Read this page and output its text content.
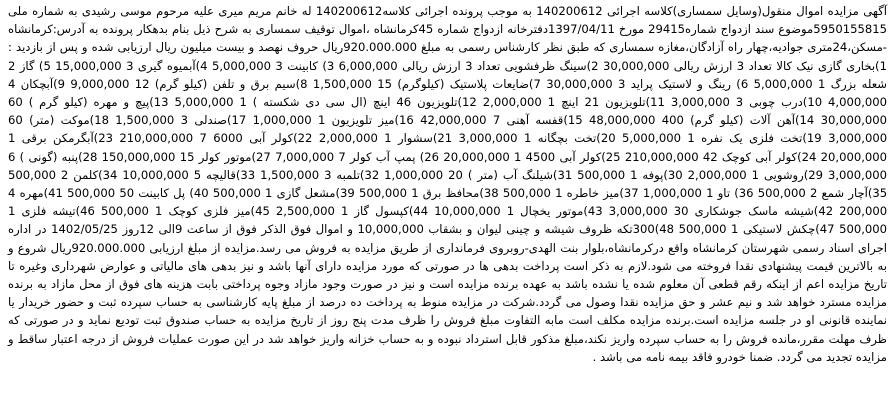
آگهی مزایده اموال منقول(وسایل سمساری)کلاسه اجرائی 140200612 به موجب پرونده اجرائی کلاسه140200612 له خانم مریم میری علیه مرحوم موسی رشیدی به شماره ملی 5950155815موضوع سند ازدواج شماره29415 مورخ 1397/04/11دفترخانه ازدواج شماره 45کرمانشاه ،اموال توقیف سمساری به شرح ذیل بنام بدهکار پرونده به آدرس:کرمانشاه -مسکن،24متری جوادیه،چهار راه آزادگان،مغازه سمساری که طبق نظر کارشناس رسمی به مبلغ 920.000.000ریال حروف نهصد و بیست میلیون ریال ارزیابی شده و پس از بازدید : 1)بخاری گازی نیک کالا تعداد 3 ارزش ریالی 30,000,000 2)سینگ ظرفشویی تعداد 3 ارزش ریالی 6,000,000 3) کابینت 3 5,000,000 4)آبمیوه گیری 3 15,000,000 5) گاز 2 شعله بزرگ 1 5,000,000 6) رینگ و لاستیک پراید 3 30,000,000 7)ضایعات پلاستیک (کیلوگرم) 15 1,500,000 8)سیم برق و تلفن (کیلو گرم) 12 9,000,000 9)آبچکان 4 4,000,000 10)درب چوبی 3 3,000,000 11)تلویزیون 21 اینچ 1 2,000,000 12)تلویزیون 46 اینچ (ال سی دی شکسته ) 1 5,000,000 13)پیچ و مهره (کیلو گرم ) 60 30,000,000 14)آهن آلات (کیلو گرم) 400 48,000,000 15)قفسه آهنی 7 42,000,000 16)میز تلویزیون 1 1,000,000 17)صندلی 3 1,500,000 18)موکت (متر) 60 3,000,000 19)تخت فلزی یک نفره 1 5,000,000 20)تخت بچگانه 1 3,000,000 21)سشوار 1 2,000,000 22)کولر آبی 6000 7 210,000,000 23)آبگرمکن برقی 1 20,000,000 24)کولر آبی کوچک 42 210,000,000 25)کولر آبی 4500 1 20,000,000 26) پمپ آب کولر 7 7,000,000 27)موتور کولر 15 150,000,000 28)پنبه (گونی ) 6 3,000,000 29)روشویی 1 2,000,000 30)پوفه 1 500,000 31)شیلنگ آب (متر ) 20 1,000,000 32)تلمبه 3 1,500,000 33)قالیچه 5 10,000,000 34)کلمن 2 500,000 35)آچار شمع 2 500,000 36) تاو 1 1,000,000 37)میز خاطره 1 500,000 38)محافظ برق 1 500,000 39)مشعل گازی 1 500,000 40) پل کابینت 50 500,000 41)مهره 4 200,000 42)شیشه ماسک جوشکاری 30 3,000,000 43)موتور یخچال 1 10,000,000 44)کپسول گاز 1 2,500,000 45)میز فلزی کوچک 1 500,000 46)تیشه فلزی 1 500,000 47)چکش لاستیکی 1 500,000 48)300تکه ظروف شیشه و چینی لیوان و بشقاب 10,000,000 و اموال فوق الذکر فوق از ساعت 9الی 12روز 1402/05/25 در اداره اجرای اسناد رسمی شهرستان کرمانشاه واقع درکرمانشاه،بلوار بنت الهدی-روبروی فرمانداری از طریق مزایده به فروش می رسد.مزایده از مبلغ ارزیابی 920.000.000ریال شروع و به بالاترین قیمت پیشنهادی نقدا فروخته می شود.لازم به ذکر است پرداخت بدهی ها در صورتی که مورد مزایده دارای آنها باشد و نیز بدهی های مالیاتی و عوارض شهرداری وغیره تا تاریخ مزایده اعم از اینکه رقم قطعی آن معلوم شده یا نشده باشد به عهده برنده مزایده است و نیز در صورت وجود مازاد وجوه پرداختی بابت هزینه های فوق از محل مازاد به برنده مزایده مسترد خواهد شد و نیم عشر و حق مزایده نقدا وصول می گردد.شرکت در مزایده منوط به پرداخت ده درصد از مبلغ پایه کارشناسی به حساب سپرده ثبت و حضور خریدار یا نماینده قانونی او در جلسه مزایده است.برنده مزایده مکلف است مابه التفاوت مبلغ فروش را ظرف مدت پنج روز از تاریخ مزایده به حساب صندوق ثبت تودیع نماید و در صورتی که ظرف مهلت مقرر،مانده فروش را به حساب سپرده واریز نکند،مبلغ مذکور قابل استرداد نبوده و به حساب خزانه واریز خواهد شد در این صورت عملیات فروش از درجه اعتبار ساقط و مزایده تجدید می گردد. ضمنا خودرو فاقد بیمه نامه می باشد .
